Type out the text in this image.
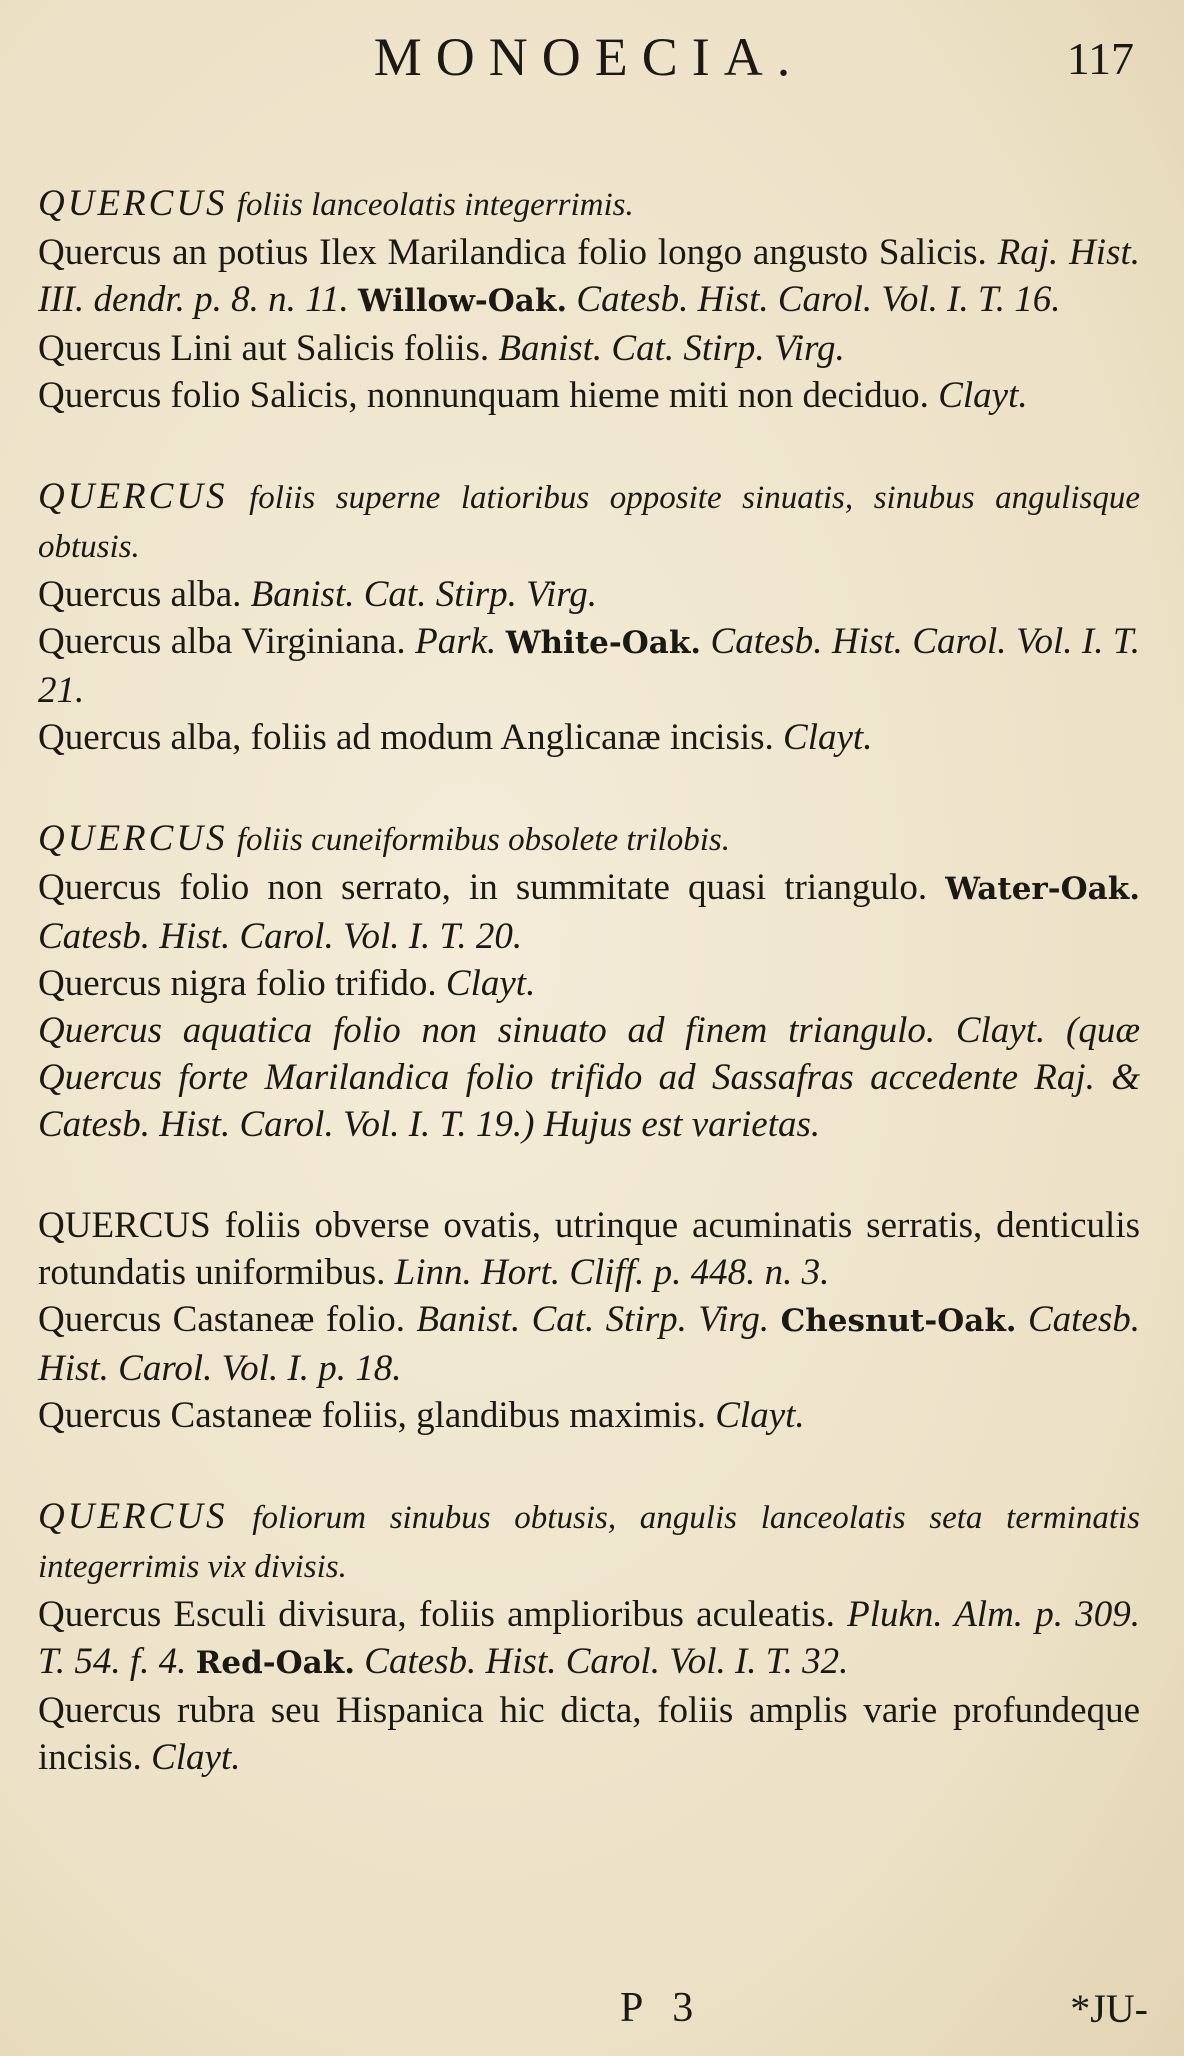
MONOECIA.	117
QUERCUS foliis lanceolatis integerrimis.
Quercus an potius Ilex Marilandica folio longo angusto Salicis. Raj. Hist. III. dendr. p. 8. n. 11. Willow-Oak. Catesb. Hist. Carol. Vol. I. T. 16.
Quercus Lini aut Salicis foliis. Banist. Cat. Stirp. Virg.
Quercus folio Salicis, nonnunquam hieme miti non deciduo. Clayt.
QUERCUS foliis superne latioribus opposite sinuatis, sinubus angulisque obtusis.
Quercus alba. Banist. Cat. Stirp. Virg.
Quercus alba Virginiana. Park. White-Oak. Catesb. Hist. Carol. Vol. I. T. 21.
Quercus alba, foliis ad modum Anglicanæ incisis. Clayt.
QUERCUS foliis cuneiformibus obsolete trilobis.
Quercus folio non serrato, in summitate quasi triangulo. Water-Oak. Catesb. Hist. Carol. Vol. I. T. 20.
Quercus nigra folio trifido. Clayt.
Quercus aquatica folio non sinuato ad finem triangulo. Clayt. (quæ Quercus forte Marilandica folio trifido ad Sassafras accedente Raj. & Catesb. Hist. Carol. Vol. I. T. 19.) Hujus est varietas.
QUERCUS foliis obverse ovatis, utrinque acuminatis serratis, denticulis rotundatis uniformibus. Linn. Hort. Cliff. p. 448. n. 3.
Quercus Castaneæ folio. Banist. Cat. Stirp. Virg. Chesnut-Oak. Catesb. Hist. Carol. Vol. I. p. 18.
Quercus Castaneæ foliis, glandibus maximis. Clayt.
QUERCUS foliorum sinubus obtusis, angulis lanceolatis seta terminatis integerrimis vix divisis.
Quercus Esculi divisura, foliis amplioribus aculeatis. Plukn. Alm. p. 309. T. 54. f. 4. Red-Oak. Catesb. Hist. Carol. Vol. I. T. 32.
Quercus rubra seu Hispanica hic dicta, foliis amplis varie profundeque incisis. Clayt.
P 3	*JU-
